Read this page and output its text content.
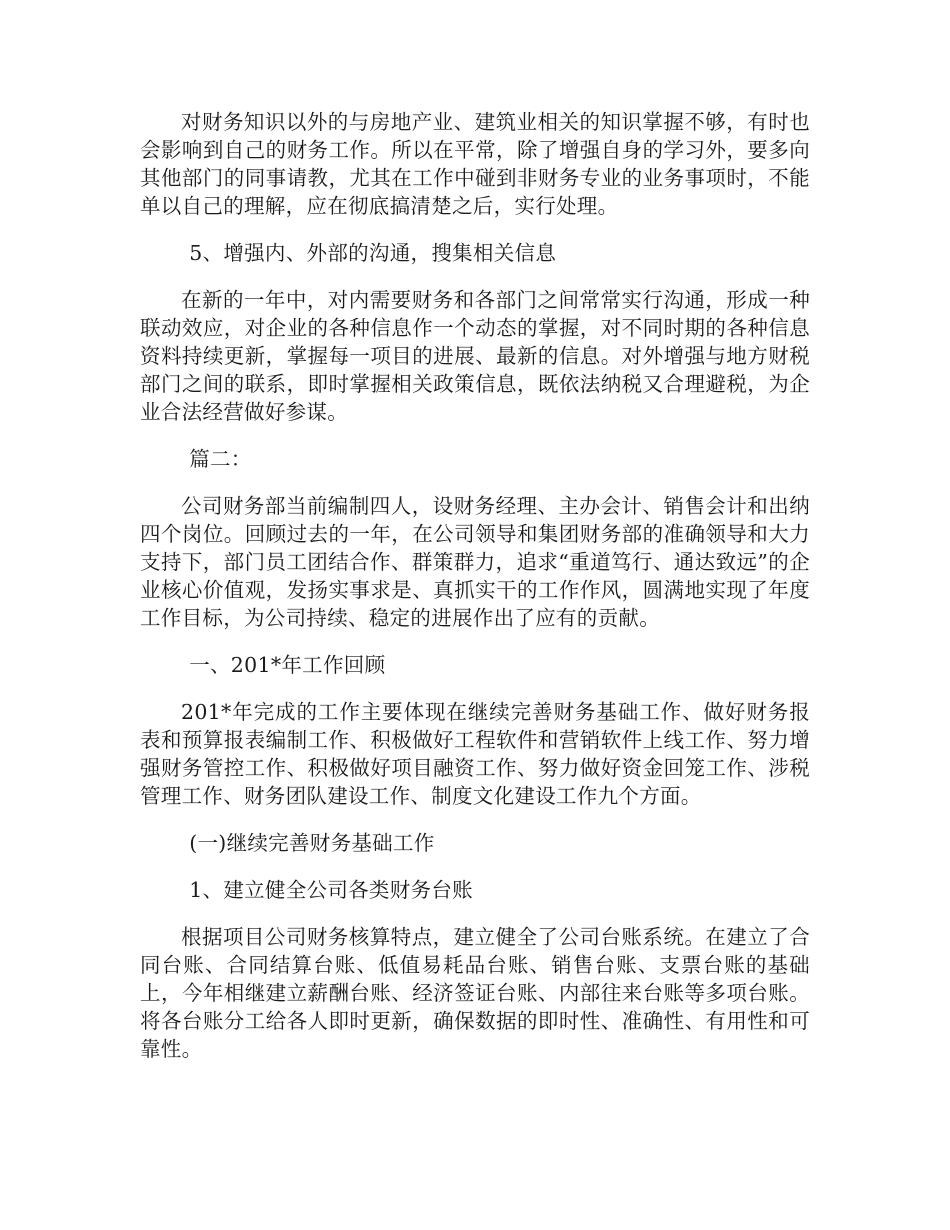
对财务知识以外的与房地产业、建筑业相关的知识掌握不够，有时也会影响到自己的财务工作。所以在平常，除了增强自身的学习外，要多向其他部门的同事请教，尤其在工作中碰到非财务专业的业务事项时，不能单以自己的理解，应在彻底搞清楚之后，实行处理。

5、增强内、外部的沟通，搜集相关信息

在新的一年中，对内需要财务和各部门之间常常实行沟通，形成一种联动效应，对企业的各种信息作一个动态的掌握，对不同时期的各种信息资料持续更新，掌握每一项目的进展、最新的信息。对外增强与地方财税部门之间的联系，即时掌握相关政策信息，既依法纳税又合理避税，为企业合法经营做好参谋。

篇二：

公司财务部当前编制四人，设财务经理、主办会计、销售会计和出纳四个岗位。回顾过去的一年，在公司领导和集团财务部的准确领导和大力支持下，部门员工团结合作、群策群力，追求“重道笃行、通达致远”的企业核心价值观，发扬实事求是、真抓实干的工作作风，圆满地实现了年度工作目标，为公司持续、稳定的进展作出了应有的贡献。

一、201*年工作回顾

201*年完成的工作主要体现在继续完善财务基础工作、做好财务报表和预算报表编制工作、积极做好工程软件和营销软件上线工作、努力增强财务管控工作、积极做好项目融资工作、努力做好资金回笼工作、涉税管理工作、财务团队建设工作、制度文化建设工作九个方面。

(一)继续完善财务基础工作

1、建立健全公司各类财务台账

根据项目公司财务核算特点，建立健全了公司台账系统。在建立了合同台账、合同结算台账、低值易耗品台账、销售台账、支票台账的基础上，今年相继建立薪酬台账、经济签证台账、内部往来台账等多项台账。将各台账分工给各人即时更新，确保数据的即时性、准确性、有用性和可靠性。
